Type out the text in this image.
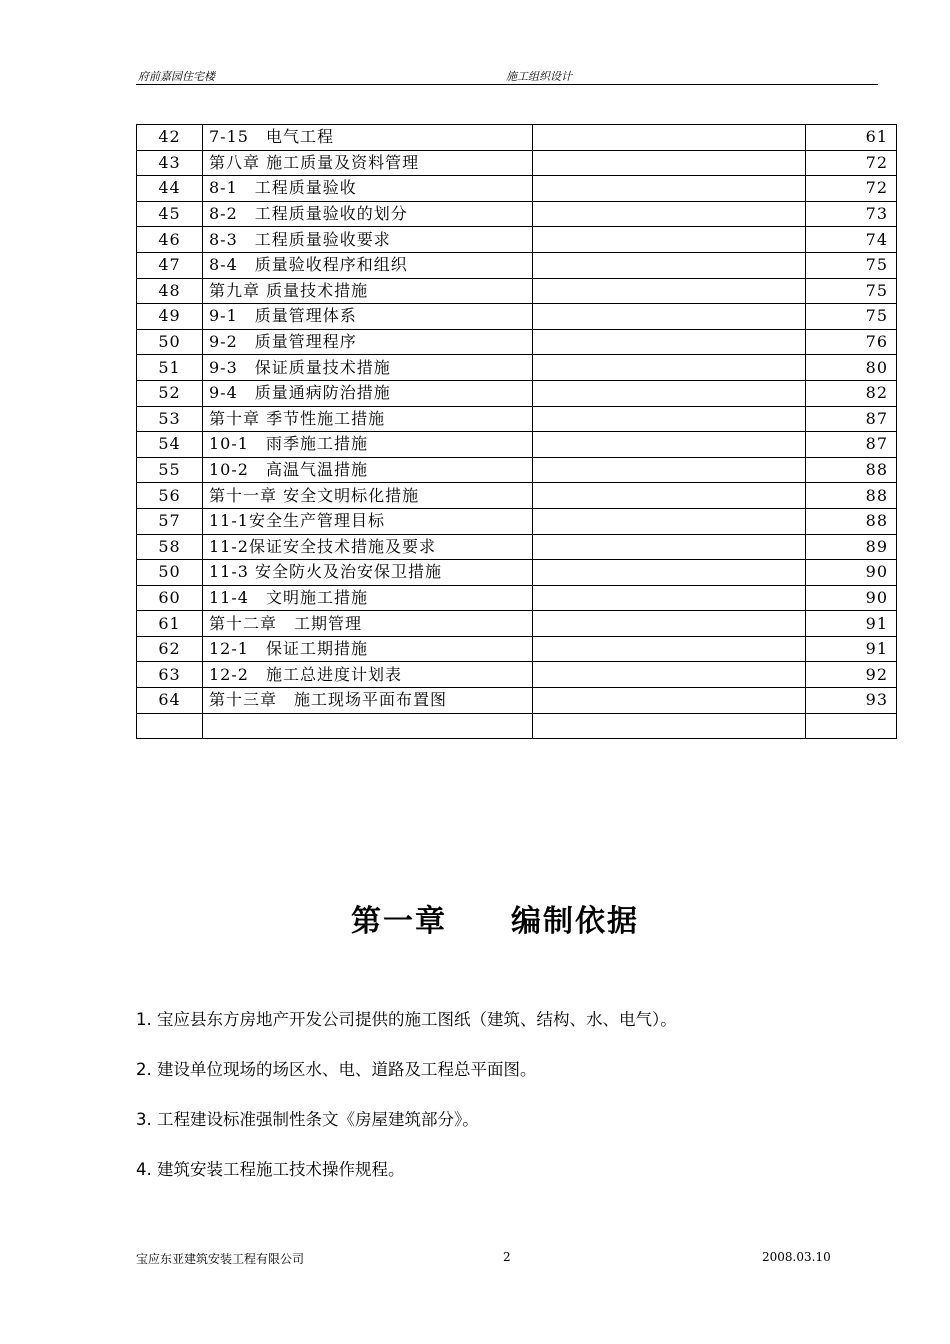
府前嘉园住宅楼	施工组织设计
42	7-15　电气工程		61
43	第八章 施工质量及资料管理		72
44	8-1　工程质量验收		72
45	8-2　工程质量验收的划分		73
46	8-3　工程质量验收要求		74
47	8-4　质量验收程序和组织		75
48	第九章 质量技术措施		75
49	9-1　质量管理体系		75
50	9-2　质量管理程序		76
51	9-3　保证质量技术措施		80
52	9-4　质量通病防治措施		82
53	第十章 季节性施工措施		87
54	10-1　雨季施工措施		87
55	10-2　高温气温措施		88
56	第十一章 安全文明标化措施		88
57	11-1安全生产管理目标		88
58	11-2保证安全技术措施及要求		89
50	11-3 安全防火及治安保卫措施		90
60	11-4　文明施工措施		90
61	第十二章　工期管理		91
62	12-1　保证工期措施		91
63	12-2　施工总进度计划表		92
64	第十三章　施工现场平面布置图		93

第一章　　编制依据
1. 宝应县东方房地产开发公司提供的施工图纸（建筑、结构、水、电气）。
2. 建设单位现场的场区水、电、道路及工程总平面图。
3. 工程建设标准强制性条文《房屋建筑部分》。
4. 建筑安装工程施工技术操作规程。
宝应东亚建筑安装工程有限公司	2	2008.03.10
